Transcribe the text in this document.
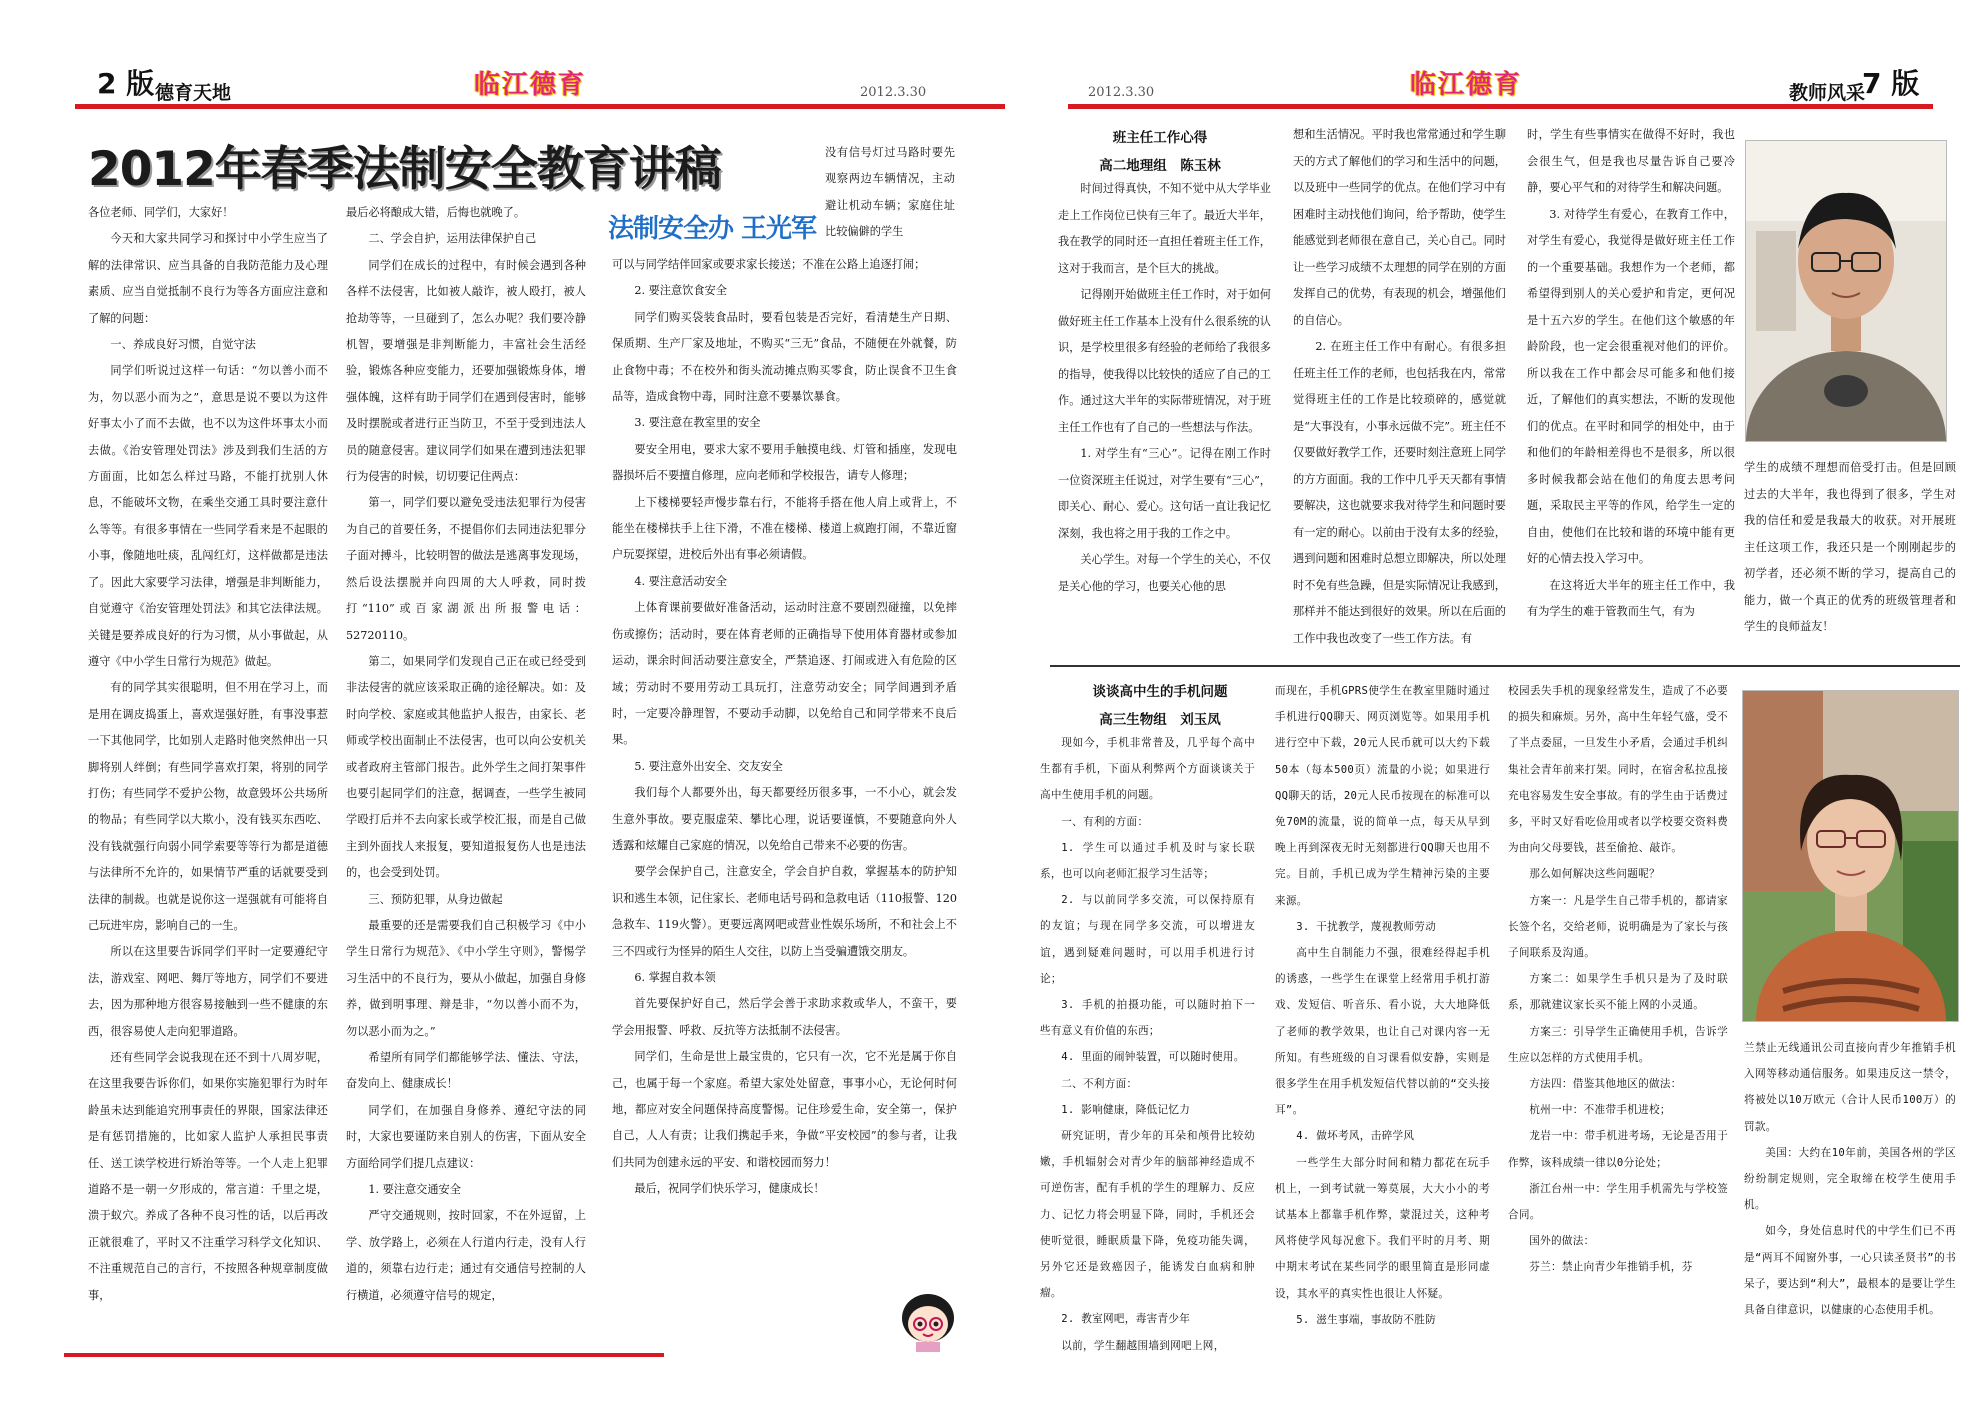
2 版 德育天地	临江德育	2012.3.30
2012年春季法制安全教育讲稿
法制安全办 王光军

没有信号灯过马路时要先观察两边车辆情况，主动避让机动车辆；家庭住址比较偏僻的学生

各位老师、同学们，大家好！

今天和大家共同学习和探讨中小学生应当了解的法律常识、应当具备的自我防范能力及心理素质、应当自觉抵制不良行为等各方面应注意和了解的问题：

一、养成良好习惯，自觉守法

同学们听说过这样一句话：“勿以善小而不为，勿以恶小而为之”，意思是说不要以为这件好事太小了而不去做，也不以为这件坏事太小而去做。《治安管理处罚法》涉及到我们生活的方方面面，比如怎么样过马路，不能打扰别人休息，不能破坏文物，在乘坐交通工具时要注意什么等等。有很多事情在一些同学看来是不起眼的小事，像随地吐痰，乱闯红灯，这样做都是违法了。因此大家要学习法律，增强是非判断能力，自觉遵守《治安管理处罚法》和其它法律法规。关键是要养成良好的行为习惯，从小事做起，从遵守《中小学生日常行为规范》做起。

有的同学其实很聪明，但不用在学习上，而是用在调皮捣蛋上，喜欢逞强好胜，有事没事惹一下其他同学，比如别人走路时他突然伸出一只脚将别人绊倒；有些同学喜欢打架，将别的同学打伤；有些同学不爱护公物，故意毁坏公共场所的物品；有些同学以大欺小，没有钱买东西吃、没有钱就强行向弱小同学索要等等行为都是道德与法律所不允许的，如果情节严重的话就要受到法律的制裁。也就是说你这一逞强就有可能将自己玩进牢房，影响自己的一生。

所以在这里要告诉同学们平时一定要遵纪守法，游戏室、网吧、舞厅等地方，同学们不要进去，因为那种地方很容易接触到一些不健康的东西，很容易使人走向犯罪道路。

还有些同学会说我现在还不到十八周岁呢，在这里我要告诉你们，如果你实施犯罪行为时年龄虽未达到能追究刑事责任的界限，国家法律还是有惩罚措施的，比如家人监护人承担民事责任、送工读学校进行矫治等等。一个人走上犯罪道路不是一朝一夕形成的，常言道：千里之堤，溃于蚁穴。养成了各种不良习性的话，以后再改正就很难了，平时又不注重学习科学文化知识、不注重规范自己的言行，不按照各种规章制度做事，

最后必将酿成大错，后悔也就晚了。

二、学会自护，运用法律保护自己

同学们在成长的过程中，有时候会遇到各种各样不法侵害，比如被人敲诈，被人殴打，被人抢劫等等，一旦碰到了，怎么办呢？我们要冷静机智，要增强是非判断能力，丰富社会生活经验，锻炼各种应变能力，还要加强锻炼身体，增强体魄，这样有助于同学们在遇到侵害时，能够及时摆脱或者进行正当防卫，不至于受到违法人员的随意侵害。建议同学们如果在遭到违法犯罪行为侵害的时候，切切要记住两点：

第一，同学们要以避免受违法犯罪行为侵害为自己的首要任务，不提倡你们去同违法犯罪分子面对搏斗，比较明智的做法是逃离事发现场，然后设法摆脱并向四周的大人呼救，同时拨打“110”或百家湖派出所报警电话：52720110。

第二，如果同学们发现自己正在或已经受到非法侵害的就应该采取正确的途径解决。如：及时向学校、家庭或其他监护人报告，由家长、老师或学校出面制止不法侵害，也可以向公安机关或者政府主管部门报告。此外学生之间打架事件也要引起同学们的注意，据调查，一些学生被同学殴打后并不去向家长或学校汇报，而是自己做主到外面找人来报复，要知道报复伤人也是违法的，也会受到处罚。

三、预防犯罪，从身边做起

最重要的还是需要我们自己积极学习《中小学生日常行为规范》、《中小学生守则》，警惕学习生活中的不良行为，要从小做起，加强自身修养，做到明事理、辩是非，“勿以善小而不为，勿以恶小而为之。”

希望所有同学们都能够学法、懂法、守法，奋发向上、健康成长！

同学们，在加强自身修养、遵纪守法的同时，大家也要谨防来自别人的伤害，下面从安全方面给同学们提几点建议：

1. 要注意交通安全

严守交通规则，按时回家，不在外逗留，上学、放学路上，必须在人行道内行走，没有人行道的，须靠右边行走；通过有交通信号控制的人行横道，必须遵守信号的规定，

可以与同学结伴回家或要求家长接送；不准在公路上追逐打闹；

2. 要注意饮食安全

同学们购买袋装食品时，要看包装是否完好，看清楚生产日期、保质期、生产厂家及地址，不购买“三无”食品，不随便在外就餐，防止食物中毒；不在校外和街头流动摊点购买零食，防止误食不卫生食品等，造成食物中毒，同时注意不要暴饮暴食。

3. 要注意在教室里的安全

要安全用电，要求大家不要用手触摸电线、灯管和插座，发现电器损坏后不要擅自修理，应向老师和学校报告，请专人修理；

上下楼梯要轻声慢步靠右行，不能将手搭在他人肩上或背上，不能坐在楼梯扶手上往下滑，不准在楼梯、楼道上疯跑打闹，不靠近窗户玩耍探望，进校后外出有事必须请假。

4. 要注意活动安全

上体育课前要做好准备活动，运动时注意不要剧烈碰撞，以免摔伤或擦伤；活动时，要在体育老师的正确指导下使用体育器材或参加运动，课余时间活动要注意安全，严禁追逐、打闹或进入有危险的区域；劳动时不要用劳动工具玩打，注意劳动安全；同学间遇到矛盾时，一定要冷静理智，不要动手动脚，以免给自己和同学带来不良后果。

5. 要注意外出安全、交友安全

我们每个人都要外出，每天都要经历很多事，一不小心，就会发生意外事故。要克服虚荣、攀比心理，说话要谨慎，不要随意向外人透露和炫耀自己家庭的情况，以免给自己带来不必要的伤害。

要学会保护自己，注意安全，学会自护自救，掌握基本的防护知识和逃生本领，记住家长、老师电话号码和急救电话（110报警、120急救车、119火警）。更要远离网吧或营业性娱乐场所，不和社会上不三不四或行为怪异的陌生人交往，以防上当受骗遭饿交朋友。

6. 掌握自救本领

首先要保护好自己，然后学会善于求助求救或华人，不蛮干，要学会用报警、呼救、反抗等方法抵制不法侵害。

同学们，生命是世上最宝贵的，它只有一次，它不光是属于你自己，也属于每一个家庭。希望大家处处留意，事事小心，无论何时何地，都应对安全问题保持高度警惕。记住珍爱生命，安全第一，保护自己，人人有责；让我们携起手来，争做“平安校园”的参与者，让我们共同为创建永远的平安、和谐校园而努力！

最后，祝同学们快乐学习，健康成长！

2012.3.30	临江德育	教师风采
7 版
班主任工作心得
高二地理组　陈玉林

时间过得真快，不知不觉中从大学毕业走上工作岗位已快有三年了。最近大半年，我在教学的同时还一直担任着班主任工作，这对于我而言，是个巨大的挑战。

记得刚开始做班主任工作时，对于如何做好班主任工作基本上没有什么很系统的认识，是学校里很多有经验的老师给了我很多的指导，使我得以比较快的适应了自己的工作。通过这大半年的实际带班情况，对于班主任工作也有了自己的一些想法与作法。

1. 对学生有“三心”。记得在刚工作时一位资深班主任说过，对学生要有“三心”，即关心、耐心、爱心。这句话一直让我记忆深刻，我也将之用于我的工作之中。

关心学生。对每一个学生的关心，不仅是关心他的学习，也要关心他的思

想和生活情况。平时我也常常通过和学生聊天的方式了解他们的学习和生活中的问题，以及班中一些同学的优点。在他们学习中有困难时主动找他们询问，给予帮助，使学生能感觉到老师很在意自己，关心自己。同时让一些学习成绩不太理想的同学在别的方面发挥自己的优势，有表现的机会，增强他们的自信心。

2. 在班主任工作中有耐心。有很多担任班主任工作的老师，也包括我在内，常常觉得班主任的工作是比较琐碎的，感觉就是“大事没有，小事永远做不完”。班主任不仅要做好教学工作，还要时刻注意班上同学的方方面面。我的工作中几乎天天都有事情要解决，这也就要求我对待学生和问题时要有一定的耐心。以前由于没有太多的经验，遇到问题和困难时总想立即解决，所以处理时不免有些急躁，但是实际情况让我感到，那样并不能达到很好的效果。所以在后面的工作中我也改变了一些工作方法。有

时，学生有些事情实在做得不好时，我也会很生气，但是我也尽量告诉自己要冷静，要心平气和的对待学生和解决问题。

3. 对待学生有爱心，在教育工作中，对学生有爱心，我觉得是做好班主任工作的一个重要基础。我想作为一个老师，都希望得到别人的关心爱护和肯定，更何况是十五六岁的学生。在他们这个敏感的年龄阶段，也一定会很重视对他们的评价。所以我在工作中都会尽可能多和他们接近，了解他们的真实想法，不断的发现他们的优点。在平时和同学的相处中，由于和他们的年龄相差得也不是很多，所以很多时候我都会站在他们的角度去思考问题，采取民主平等的作风，给学生一定的自由，使他们在比较和谐的环境中能有更好的心情去投入学习中。

在这将近大半年的班主任工作中，我有为学生的难于管教而生气，有为

学生的成绩不理想而倍受打击。但是回顾过去的大半年，我也得到了很多，学生对我的信任和爱是我最大的收获。对开展班主任这项工作，我还只是一个刚刚起步的初学者，还必须不断的学习，提高自己的能力，做一个真正的优秀的班级管理者和学生的良师益友！

谈谈高中生的手机问题
高三生物组　刘玉凤

现如今，手机非常普及，几乎每个高中生都有手机，下面从利弊两个方面谈谈关于高中生使用手机的问题。

一、有利的方面：

1. 学生可以通过手机及时与家长联系，也可以向老师汇报学习生活等；

2. 与以前同学多交流，可以保持原有的友谊；与现在同学多交流，可以增进友谊，遇到疑难问题时，可以用手机进行讨论；

3. 手机的拍摄功能，可以随时拍下一些有意义有价值的东西；

4. 里面的闹钟装置，可以随时使用。

二、不利方面：

1. 影响健康，降低记忆力

研究证明，青少年的耳朵和颅骨比较幼嫩，手机辐射会对青少年的脑部神经造成不可逆伤害，配有手机的学生的理解力、反应力、记忆力将会明显下降，同时，手机还会使听觉很，睡眠质量下降，免疫功能失调，另外它还是致癌因子，能诱发白血病和肿瘤。

2. 教室网吧，毒害青少年

以前，学生翻越围墙到网吧上网，

而现在，手机GPRS使学生在教室里随时通过手机进行QQ聊天、网页浏览等。如果用手机进行空中下载，20元人民币就可以大约下载50本（每本500页）流量的小说；如果进行QQ聊天的话，20元人民币按现在的标准可以免70M的流量，说的简单一点，每天从早到晚上再到深夜无时无刻都进行QQ聊天也用不完。目前，手机已成为学生精神污染的主要来源。

3. 干扰教学，蔑视教师劳动

高中生自制能力不强，很难经得起手机的诱惑，一些学生在课堂上经常用手机打游戏、发短信、听音乐、看小说，大大地降低了老师的教学效果，也让自己对课内容一无所知。有些班级的自习课看似安静，实则是很多学生在用手机发短信代替以前的“交头接耳”。

4. 做坏考风，击碎学风

一些学生大部分时间和精力都花在玩手机上，一到考试就一筹莫展，大大小小的考试基本上都靠手机作弊，蒙混过关，这种考风将使学风每况愈下。我们平时的月考、期中期末考试在某些同学的眼里简直是形同虚设，其水平的真实性也很让人怀疑。

5. 滋生事端，事故防不胜防

校园丢失手机的现象经常发生，造成了不必要的损失和麻烦。另外，高中生年轻气盛，受不了半点委屈，一旦发生小矛盾，会通过手机纠集社会青年前来打架。同时，在宿舍私拉乱接充电容易发生安全事故。有的学生由于话费过多，平时又好看吃俭用或者以学校要交资料费为由向父母要钱，甚至偷抢、敲诈。

那么如何解决这些问题呢？

方案一：凡是学生自己带手机的，都请家长签个名，交给老师，说明确是为了家长与孩子间联系及沟通。

方案二：如果学生手机只是为了及时联系，那就建议家长买不能上网的小灵通。

方案三：引导学生正确使用手机，告诉学生应以怎样的方式使用手机。

方法四：借鉴其他地区的做法：

杭州一中：不准带手机进校；

龙岩一中：带手机进考场，无论是否用于作弊，该科成绩一律以0分论处；

浙江台州一中：学生用手机需先与学校签合同。

国外的做法：

芬兰：禁止向青少年推销手机，芬

兰禁止无线通讯公司直接向青少年推销手机入网等移动通信服务。如果违反这一禁令，将被处以10万欧元（合计人民币100万）的罚款。

美国：大约在10年前，美国各州的学区纷纷制定规则，完全取缔在校学生使用手机。

如今，身处信息时代的中学生们已不再是“两耳不闻窗外事，一心只读圣贤书”的书呆子，要达到“利大”，最根本的是要让学生具备自律意识，以健康的心态使用手机。
